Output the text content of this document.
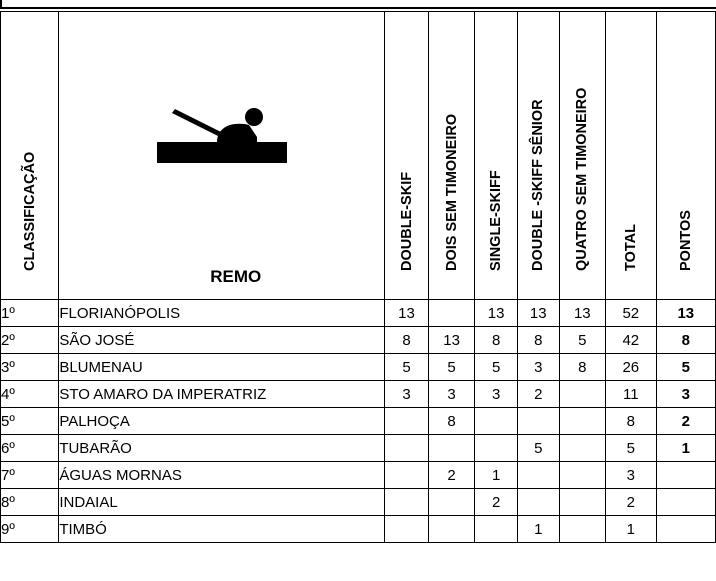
CLASSIFICAÇÃO	REMO	DOUBLE-SKIF	DOIS SEM TIMONEIRO	SINGLE-SKIFF	DOUBLE -SKIFF SÊNIOR	QUATRO SEM TIMONEIRO	TOTAL	PONTOS

1º	FLORIANÓPOLIS	13		13	13	13	52	13
2º	SÃO JOSÉ	8	13	8	8	5	42	8
3º	BLUMENAU	5	5	5	3	8	26	5
4º	STO AMARO DA IMPERATRIZ	3	3	3	2		11	3
5º	PALHOÇA		8				8	2
6º	TUBARÃO				5		5	1
7º	ÁGUAS MORNAS		2	1			3	
8º	INDAIAL			2			2	
9º	TIMBÓ				1		1	
